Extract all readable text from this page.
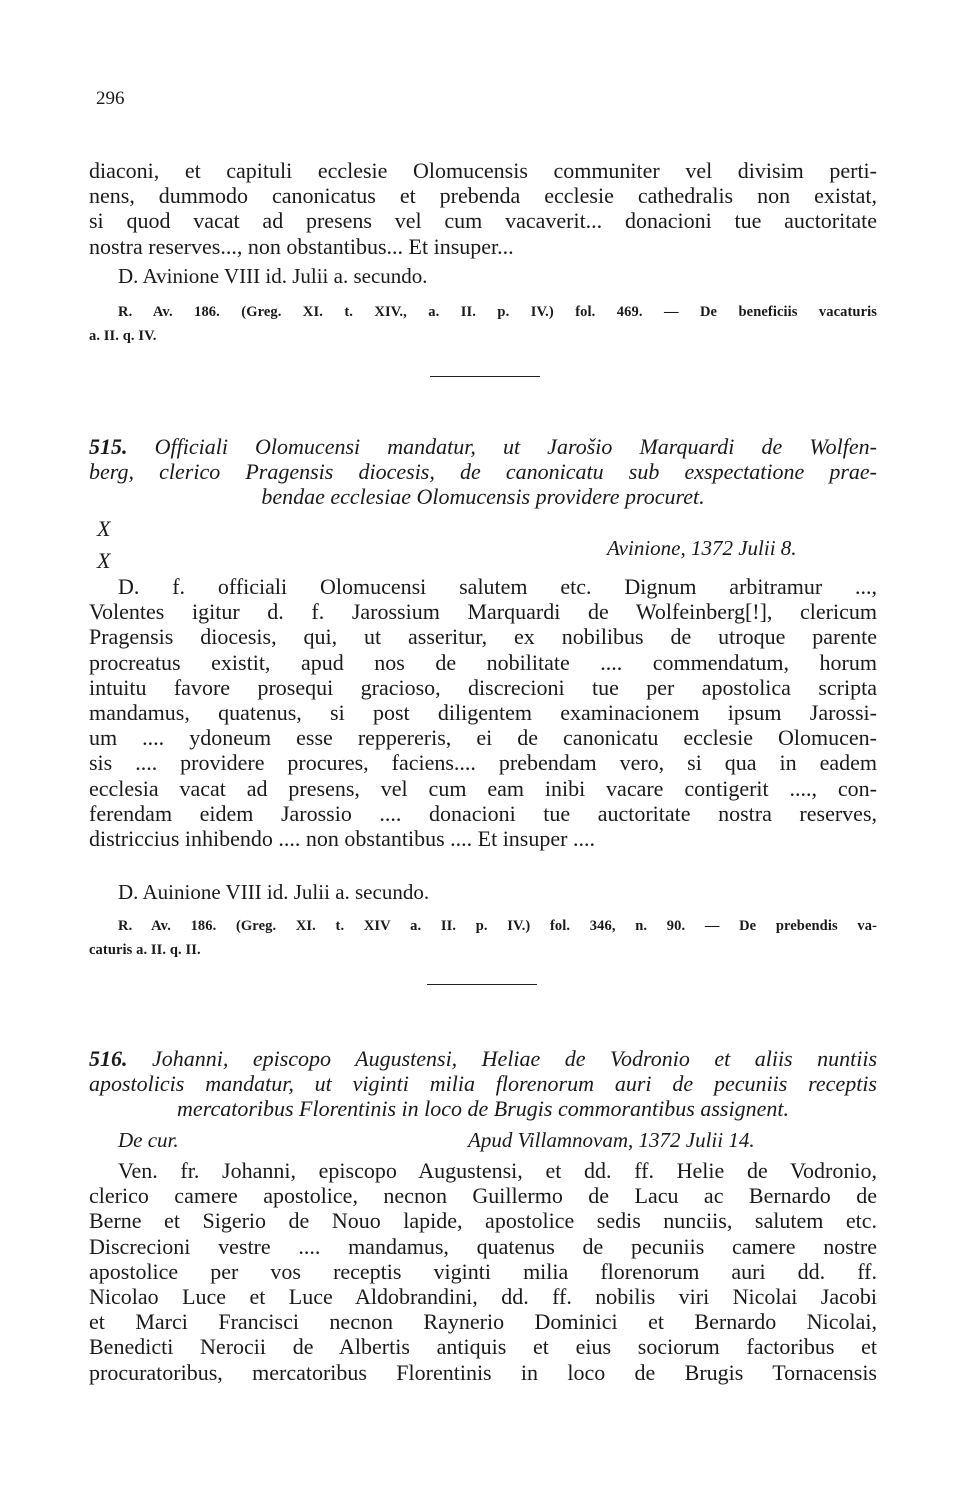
296
diaconi, et capituli ecclesie Olomucensis communiter vel divisim perti-
nens, dummodo canonicatus et prebenda ecclesie cathedralis non existat,
si quod vacat ad presens vel cum vacaverit... donacioni tue auctoritate
nostra reserves..., non obstantibus... Et insuper...
D. Avinione VIII id. Julii a. secundo.
R. Av. 186. (Greg. XI. t. XIV., a. II. p. IV.) fol. 469. — De beneficiis vacaturis
a. II. q. IV.
515. Officiali Olomucensi mandatur, ut Jarošio Marquardi de Wolfen-
berg, clerico Pragensis diocesis, de canonicatu sub exspectatione prae-
bendae ecclesiae Olomucensis providere procuret.
X
X	Avinione, 1372 Julii 8.
D. f. officiali Olomucensi salutem etc. Dignum arbitramur ...,
Volentes igitur d. f. Jarossium Marquardi de Wolfeinberg[!], clericum
Pragensis diocesis, qui, ut asseritur, ex nobilibus de utroque parente
procreatus existit, apud nos de nobilitate .... commendatum, horum
intuitu favore prosequi gracioso, discrecioni tue per apostolica scripta
mandamus, quatenus, si post diligentem examinacionem ipsum Jarossi-
um .... ydoneum esse reppereris, ei de canonicatu ecclesie Olomucen-
sis .... providere procures, faciens.... prebendam vero, si qua in eadem
ecclesia vacat ad presens, vel cum eam inibi vacare contigerit ...., con-
ferendam eidem Jarossio .... donacioni tue auctoritate nostra reserves,
districcius inhibendo .... non obstantibus .... Et insuper ....
D. Auinione VIII id. Julii a. secundo.
R. Av. 186. (Greg. XI. t. XIV a. II. p. IV.) fol. 346, n. 90. — De prebendis va-
caturis a. II. q. II.
516. Johanni, episcopo Augustensi, Heliae de Vodronio et aliis nuntiis
apostolicis mandatur, ut viginti milia florenorum auri de pecuniis receptis
mercatoribus Florentinis in loco de Brugis commorantibus assignent.
De cur.	Apud Villamnovam, 1372 Julii 14.
Ven. fr. Johanni, episcopo Augustensi, et dd. ff. Helie de Vodronio,
clerico camere apostolice, necnon Guillermo de Lacu ac Bernardo de
Berne et Sigerio de Nouo lapide, apostolice sedis nunciis, salutem etc.
Discrecioni vestre .... mandamus, quatenus de pecuniis camere nostre
apostolice per vos receptis viginti milia florenorum auri dd. ff.
Nicolao Luce et Luce Aldobrandini, dd. ff. nobilis viri Nicolai Jacobi
et Marci Francisci necnon Raynerio Dominici et Bernardo Nicolai,
Benedicti Nerocii de Albertis antiquis et eius sociorum factoribus et
procuratoribus, mercatoribus Florentinis in loco de Brugis Tornacensis
